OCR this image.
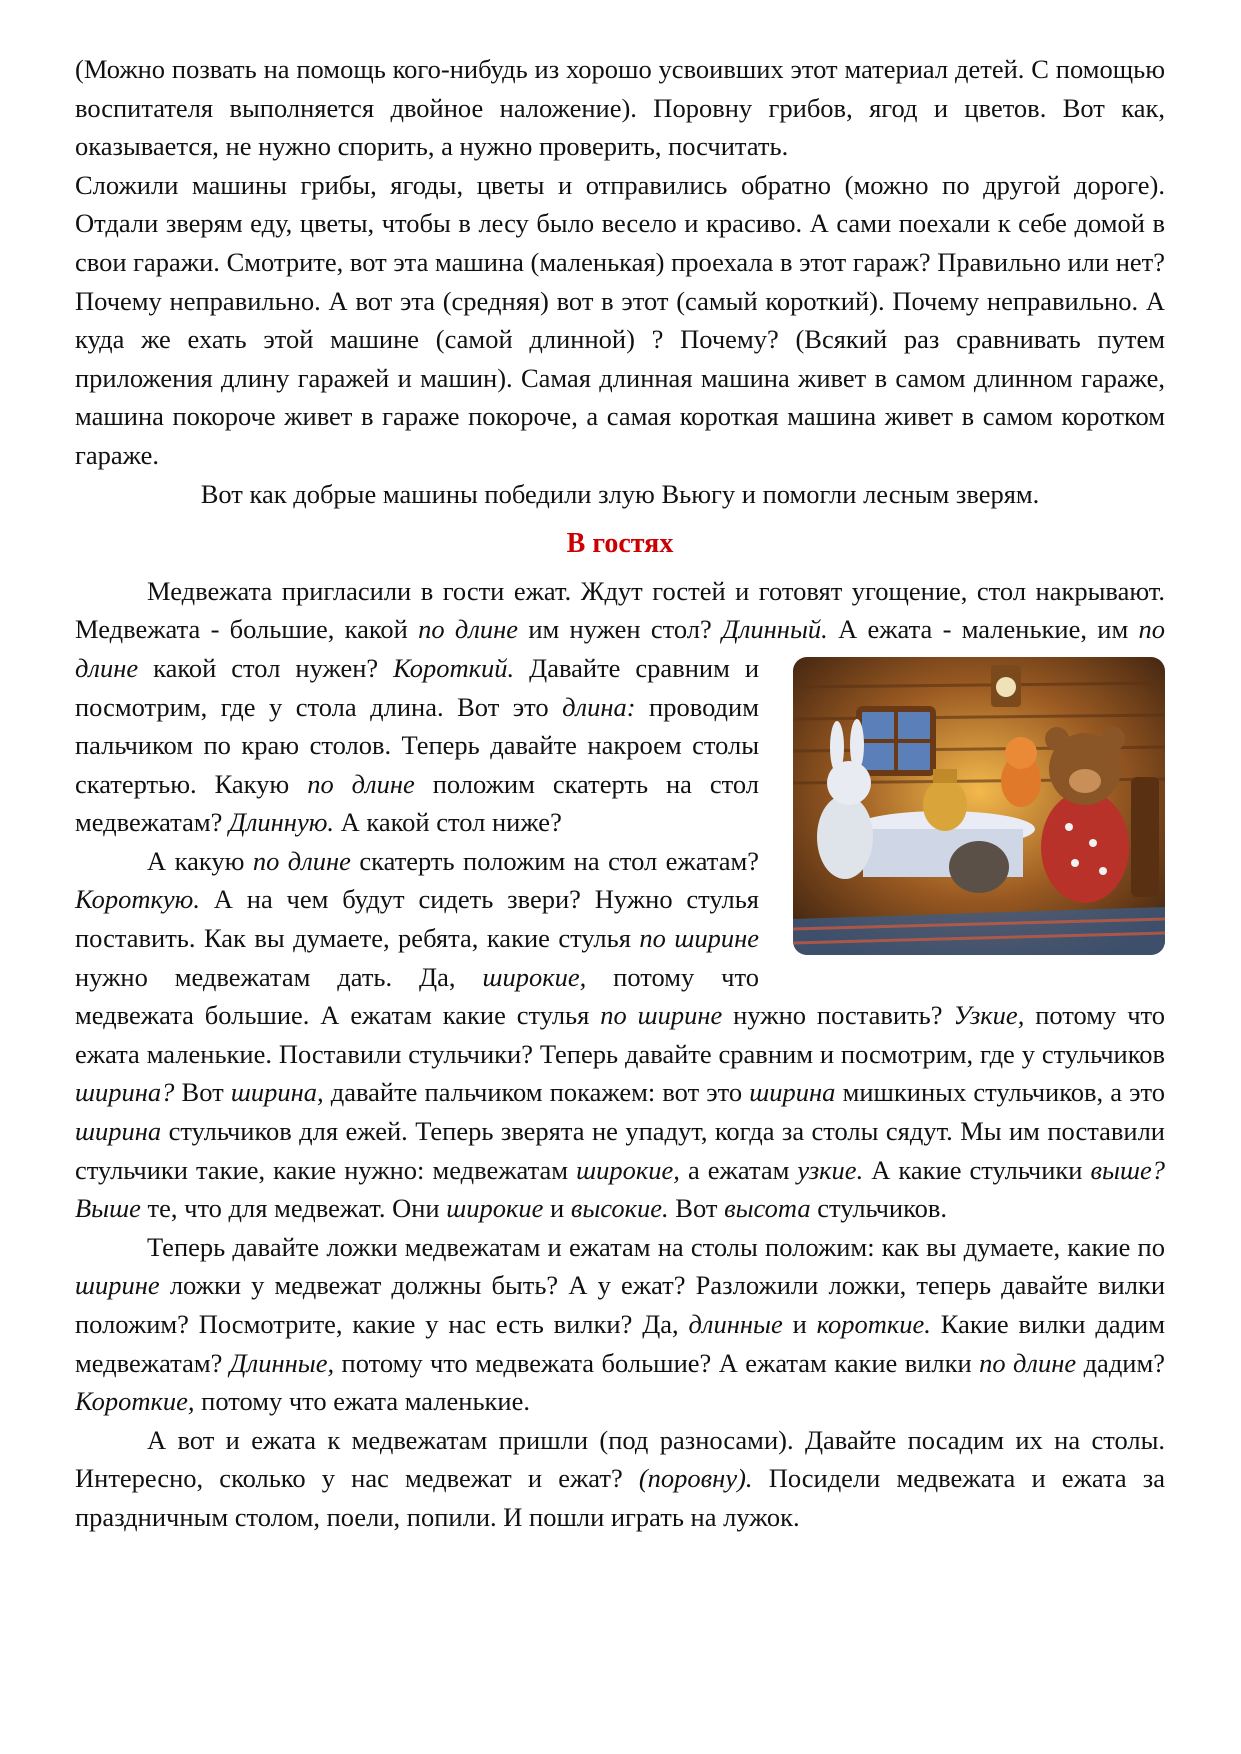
(Можно позвать на помощь кого-нибудь из хорошо усвоивших этот материал детей. С помощью воспитателя выполняется двойное наложение). Поровну грибов, ягод и цветов. Вот как, оказывается, не нужно спорить, а нужно проверить, посчитать.

Сложили машины грибы, ягоды, цветы и отправились обратно (можно по другой дороге). Отдали зверям еду, цветы, чтобы в лесу было весело и красиво. А сами поехали к себе домой в свои гаражи. Смотрите, вот эта машина (маленькая) проехала в этот гараж? Правильно или нет? Почему неправильно. А вот эта (средняя) вот в этот (самый короткий). Почему неправильно. А куда же ехать этой машине (самой длинной) ? Почему? (Всякий раз сравнивать путем приложения длину гаражей и машин). Самая длинная машина живет в самом длинном гараже, машина покороче живет в гараже покороче, а самая короткая машина живет в самом коротком гараже.

Вот как добрые машины победили злую Вьюгу и помогли лесным зверям.

В гостях

Медвежата пригласили в гости ежат. Ждут гостей и готовят угощение, стол накрывают. Медвежата - большие, какой по длине им нужен стол? Длинный. А ежата - маленькие, им
по длине какой стол нужен? Короткий. Давайте сравним и посмотрим, где у стола длина. Вот это длина: проводим пальчиком по краю столов. Теперь давайте накроем столы скатертью. Какую по длине положим скатерть на стол медвежатам? Длинную. А какой стол ниже?

А какую по длине скатерть положим на стол ежатам? Короткую. А на чем будут сидеть звери? Нужно стулья поставить. Как вы думаете, ребята, какие стулья по ширине нужно медвежатам дать. Да, широкие, потому что медвежата большие. А ежатам какие стулья по ширине нужно поставить? Узкие, потому что ежата маленькие. Поставили стульчики? Теперь давайте сравним и посмотрим, где у стульчиков ширина? Вот ширина, давайте пальчиком покажем: вот это ширина мишкиных стульчиков, а это ширина стульчиков для ежей. Теперь зверята не упадут, когда за столы сядут. Мы им поставили стульчики такие, какие нужно: медвежатам широкие, а ежатам узкие. А какие стульчики выше? Выше те, что для медвежат. Они широкие и высокие. Вот высота стульчиков.

Теперь давайте ложки медвежатам и ежатам на столы положим: как вы думаете, какие по ширине ложки у медвежат должны быть? А у ежат? Разложили ложки, теперь давайте вилки положим? Посмотрите, какие у нас есть вилки? Да, длинные и короткие. Какие вилки дадим медвежатам? Длинные, потому что медвежата большие? А ежатам какие вилки по длине дадим? Короткие, потому что ежата маленькие.

А вот и ежата к медвежатам пришли (под разносами). Давайте посадим их на столы. Интересно, сколько у нас медвежат и ежат? (поровну). Посидели медвежата и ежата за праздничным столом, поели, попили. И пошли играть на лужок.
